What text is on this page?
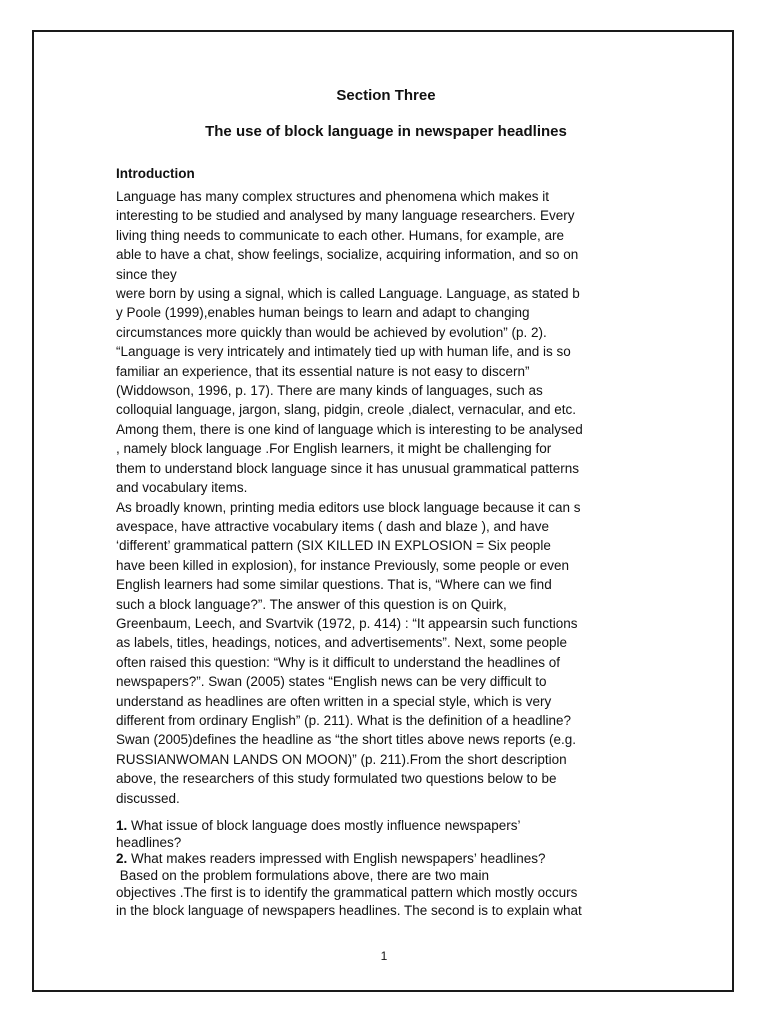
Section Three
The use of block language in newspaper headlines
Introduction
Language has many complex structures and phenomena which makes it
interesting to be studied and analysed by many language researchers. Every
living thing needs to communicate to each other. Humans, for example, are
able to have a chat, show feelings, socialize, acquiring information, and so on
since they
were born by using a signal, which is called Language. Language, as stated b
y Poole (1999),enables human beings to learn and adapt to changing
circumstances more quickly than would be achieved by evolution” (p. 2).
“Language is very intricately and intimately tied up with human life, and is so
familiar an experience, that its essential nature is not easy to discern”
(Widdowson, 1996, p. 17). There are many kinds of languages, such as
colloquial language, jargon, slang, pidgin, creole ,dialect, vernacular, and etc.
Among them, there is one kind of language which is interesting to be analysed
, namely block language .For English learners, it might be challenging for
them to understand block language since it has unusual grammatical patterns
and vocabulary items.
As broadly known, printing media editors use block language because it can s
avespace, have attractive vocabulary items ( dash and blaze ), and have
‘different’ grammatical pattern (SIX KILLED IN EXPLOSION = Six people
have been killed in explosion), for instance Previously, some people or even
English learners had some similar questions. That is, “Where can we find
such a block language?”. The answer of this question is on Quirk,
Greenbaum, Leech, and Svartvik (1972, p. 414) : “It appearsin such functions
as labels, titles, headings, notices, and advertisements”. Next, some people
often raised this question: “Why is it difficult to understand the headlines of
newspapers?”. Swan (2005) states “English news can be very difficult to
understand as headlines are often written in a special style, which is very
different from ordinary English” (p. 211). What is the definition of a headline?
Swan (2005)defines the headline as “the short titles above news reports (e.g.
RUSSIANWOMAN LANDS ON MOON)” (p. 211).From the short description
above, the researchers of this study formulated two questions below to be
discussed.
1. What issue of block language does mostly influence newspapers’
headlines?
2. What makes readers impressed with English newspapers’ headlines?
Based on the problem formulations above, there are two main
objectives .The first is to identify the grammatical pattern which mostly occurs
in the block language of newspapers headlines. The second is to explain what
1
